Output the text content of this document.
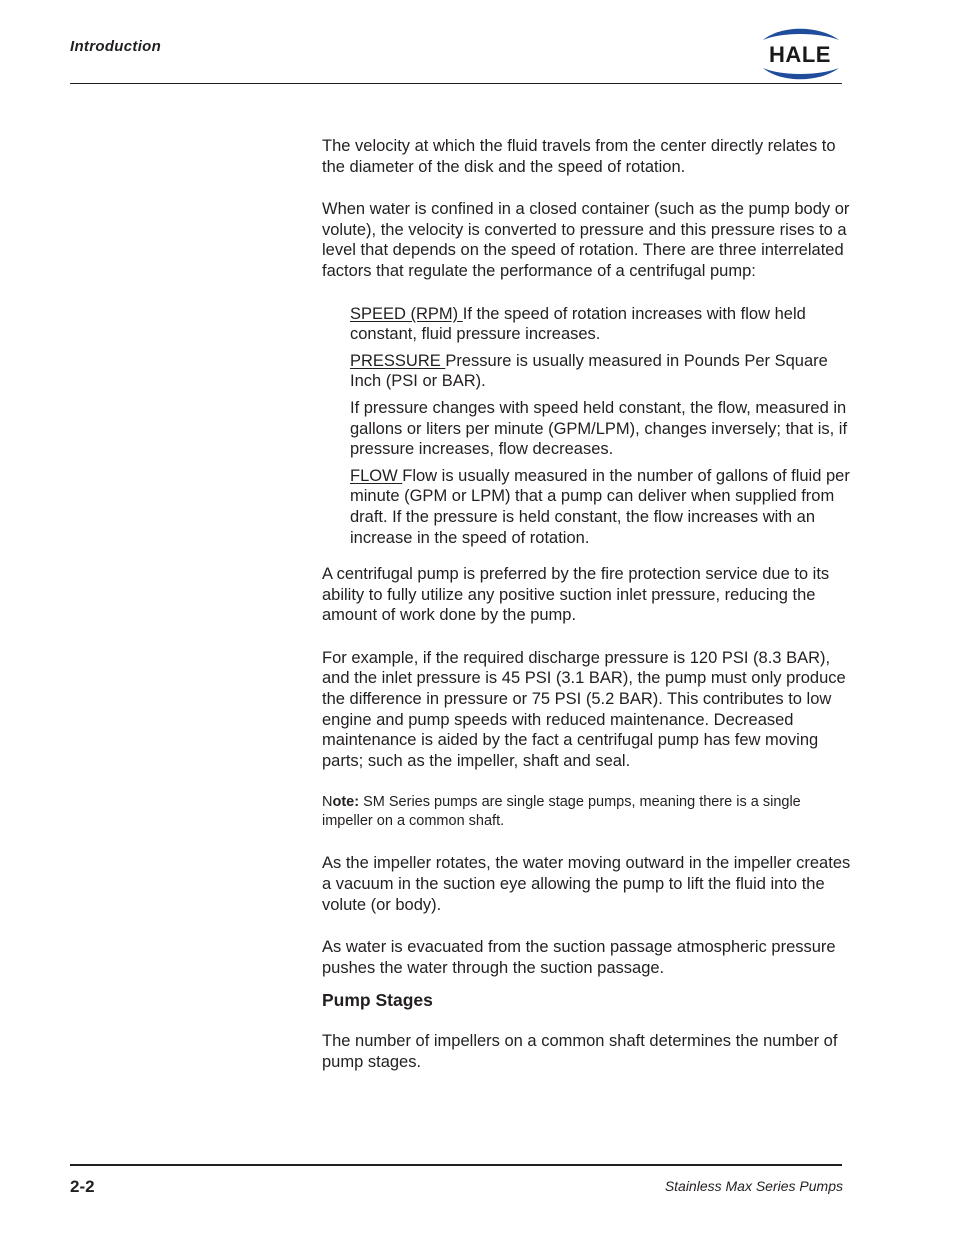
Introduction	HALE

The velocity at which the fluid travels from the center directly relates to the diameter of the disk and the speed of rotation.

When water is confined in a closed container (such as the pump body or volute), the velocity is converted to pressure and this pressure rises to a level that depends on the speed of rotation. There are three interrelated factors that regulate the performance of a centrifugal pump:

SPEED (RPM) If the speed of rotation increases with flow held constant, fluid pressure increases.

PRESSURE Pressure is usually measured in Pounds Per Square Inch (PSI or BAR).

If pressure changes with speed held constant, the flow, measured in gallons or liters per minute (GPM/LPM), changes inversely; that is, if pressure increases, flow decreases.

FLOW Flow is usually measured in the number of gallons of fluid per minute (GPM or LPM) that a pump can deliver when supplied from draft. If the pressure is held constant, the flow increases with an increase in the speed of rotation.

A centrifugal pump is preferred by the fire protection service due to its ability to fully utilize any positive suction inlet pressure, reducing the amount of work done by the pump.

For example, if the required discharge pressure is 120 PSI (8.3 BAR), and the inlet pressure is 45 PSI (3.1 BAR), the pump must only produce the difference in pressure or 75 PSI (5.2 BAR). This contributes to low engine and pump speeds with reduced maintenance. Decreased maintenance is aided by the fact a centrifugal pump has few moving parts; such as the impeller, shaft and seal.

Note: SM Series pumps are single stage pumps, meaning there is a single impeller on a common shaft.

As the impeller rotates, the water moving outward in the impeller creates a vacuum in the suction eye allowing the pump to lift the fluid into the volute (or body).

As water is evacuated from the suction passage atmospheric pressure pushes the water through the suction passage.

Pump Stages

The number of impellers on a common shaft determines the number of pump stages.

2-2	Stainless Max Series Pumps
